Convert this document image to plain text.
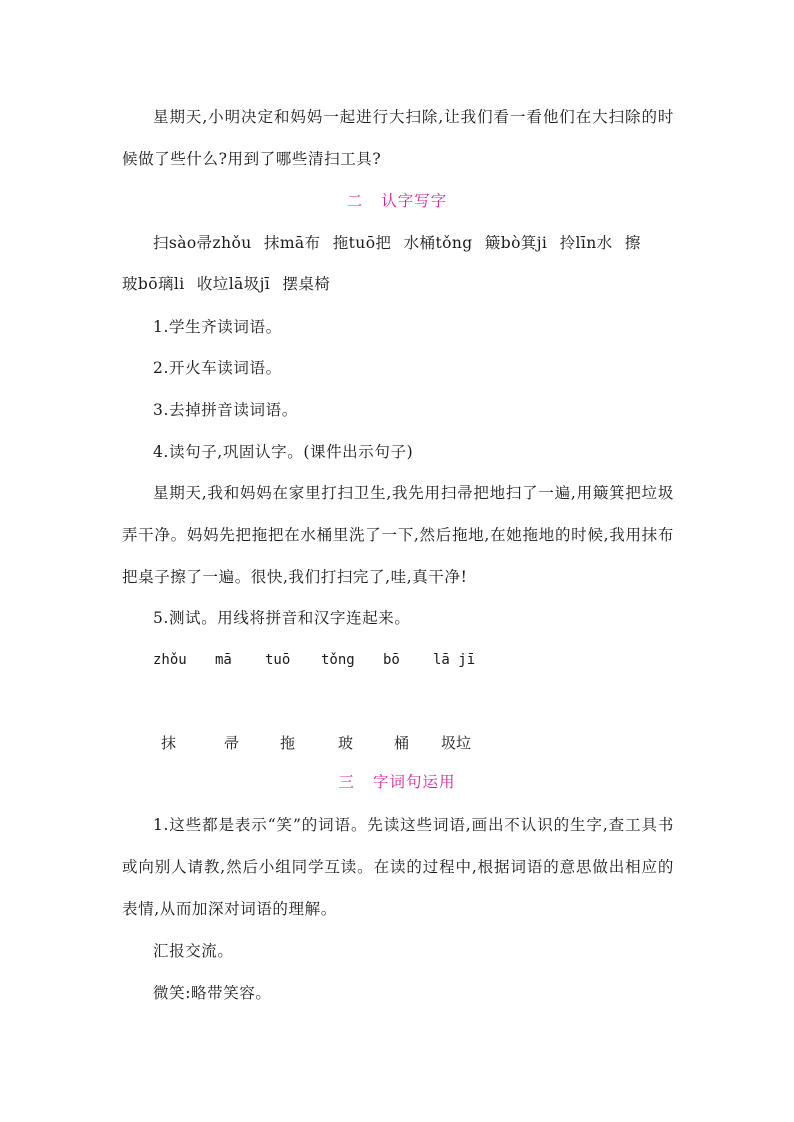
星期天,小明决定和妈妈一起进行大扫除,让我们看一看他们在大扫除的时候做了些什么?用到了哪些清扫工具?

二 认字写字
扫sào帚zhǒu 抹mā布 拖tuō把 水桶tǒng 簸bò箕ji 拎līn水 擦
玻bō璃li 收垃lā圾jī 摆桌椅
1.学生齐读词语。
2.开火车读词语。
3.去掉拼音读词语。
4.读句子,巩固认字。(课件出示句子)

星期天,我和妈妈在家里打扫卫生,我先用扫帚把地扫了一遍,用簸箕把垃圾弄干净。妈妈先把拖把在水桶里洗了一下,然后拖地,在她拖地的时候,我用抹布把桌子擦了一遍。很快,我们打扫完了,哇,真干净!

5.测试。用线将拼音和汉字连起来。
zhǒu mā tuō tǒng bō lā jī
抹	帚	拖	玻	桶 圾垃
三 字词句运用

1.这些都是表示“笑”的词语。先读这些词语,画出不认识的生字,查工具书或向别人请教,然后小组同学互读。在读的过程中,根据词语的意思做出相应的表情,从而加深对词语的理解。

汇报交流。
微笑:略带笑容。
